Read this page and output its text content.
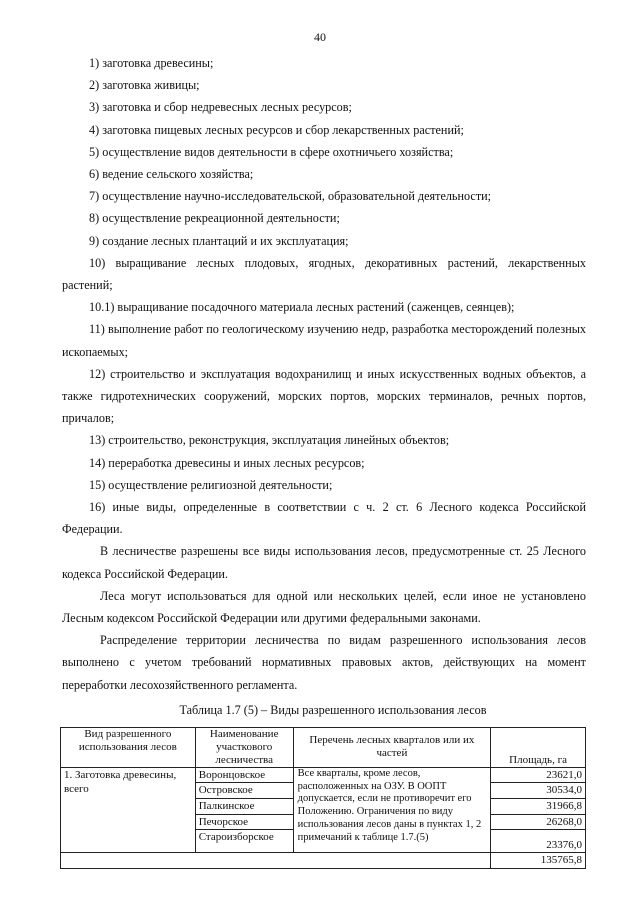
40
1) заготовка древесины;
2) заготовка живицы;
3) заготовка и сбор недревесных лесных ресурсов;
4) заготовка пищевых лесных ресурсов и сбор лекарственных растений;
5) осуществление видов деятельности в сфере охотничьего хозяйства;
6) ведение сельского хозяйства;
7) осуществление научно-исследовательской, образовательной деятельности;
8) осуществление рекреационной деятельности;
9) создание лесных плантаций и их эксплуатация;
10) выращивание лесных плодовых, ягодных, декоративных растений, лекарственных растений;
10.1) выращивание посадочного материала лесных растений (саженцев, сеянцев);
11) выполнение работ по геологическому изучению недр, разработка месторождений полезных ископаемых;
12) строительство и эксплуатация водохранилищ и иных искусственных водных объектов, а также гидротехнических сооружений, морских портов, морских терминалов, речных портов, причалов;
13) строительство, реконструкция, эксплуатация линейных объектов;
14) переработка древесины и иных лесных ресурсов;
15) осуществление религиозной деятельности;
16) иные виды, определенные в соответствии с ч. 2 ст. 6 Лесного кодекса Российской Федерации.
В лесничестве разрешены все виды использования лесов, предусмотренные ст. 25 Лесного кодекса Российской Федерации.
Леса могут использоваться для одной или нескольких целей, если иное не установлено Лесным кодексом Российской Федерации или другими федеральными законами.
Распределение территории лесничества по видам разрешенного использования лесов выполнено с учетом требований нормативных правовых актов, действующих на момент переработки лесохозяйственного регламента.
Таблица 1.7 (5) – Виды разрешенного использования лесов
Вид разрешенного использования лесов	Наименование участкового лесничества	Перечень лесных кварталов или их частей	Площадь, га
1. Заготовка древесины, всего	Воронцовское	Все кварталы, кроме лесов, расположенных на ОЗУ. В ООПТ допускается, если не противоречит его Положению. Ограничения по виду использования лесов даны в пунктах 1, 2 примечаний к таблице 1.7.(5)	23621,0
	Островское		30534,0
	Палкинское		31966,8
	Печорское		26268,0
	Староизборское		23376,0
			135765,8
